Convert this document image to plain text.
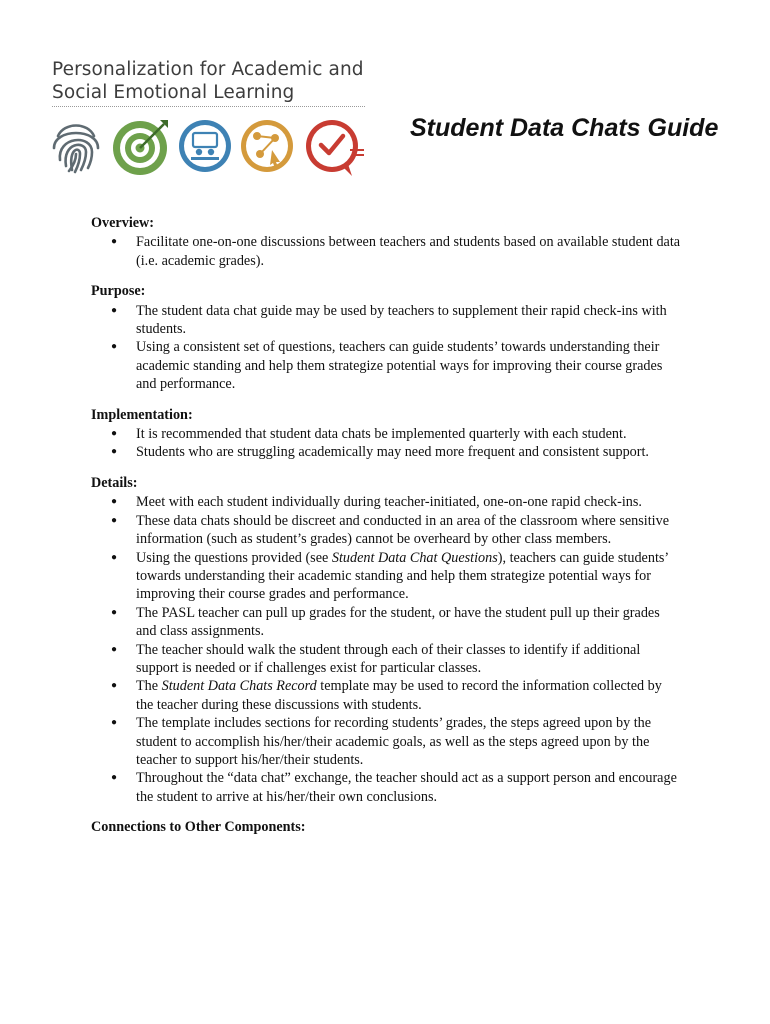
Personalization for Academic and
Social Emotional Learning
Student Data Chats Guide
Overview:
● Facilitate one-on-one discussions between teachers and students based on available student data (i.e. academic grades).
Purpose:
● The student data chat guide may be used by teachers to supplement their rapid check-ins with students.
● Using a consistent set of questions, teachers can guide students’ towards understanding their academic standing and help them strategize potential ways for improving their course grades and performance.
Implementation:
● It is recommended that student data chats be implemented quarterly with each student.
● Students who are struggling academically may need more frequent and consistent support.
Details:
● Meet with each student individually during teacher-initiated, one-on-one rapid check-ins.
● These data chats should be discreet and conducted in an area of the classroom where sensitive information (such as student’s grades) cannot be overheard by other class members.
● Using the questions provided (see Student Data Chat Questions), teachers can guide students’ towards understanding their academic standing and help them strategize potential ways for improving their course grades and performance.
● The PASL teacher can pull up grades for the student, or have the student pull up their grades and class assignments.
● The teacher should walk the student through each of their classes to identify if additional support is needed or if challenges exist for particular classes.
● The Student Data Chats Record template may be used to record the information collected by the teacher during these discussions with students.
● The template includes sections for recording students’ grades, the steps agreed upon by the student to accomplish his/her/their academic goals, as well as the steps agreed upon by the teacher to support his/her/their students.
● Throughout the “data chat” exchange, the teacher should act as a support person and encourage the student to arrive at his/her/their own conclusions.
Connections to Other Components:
